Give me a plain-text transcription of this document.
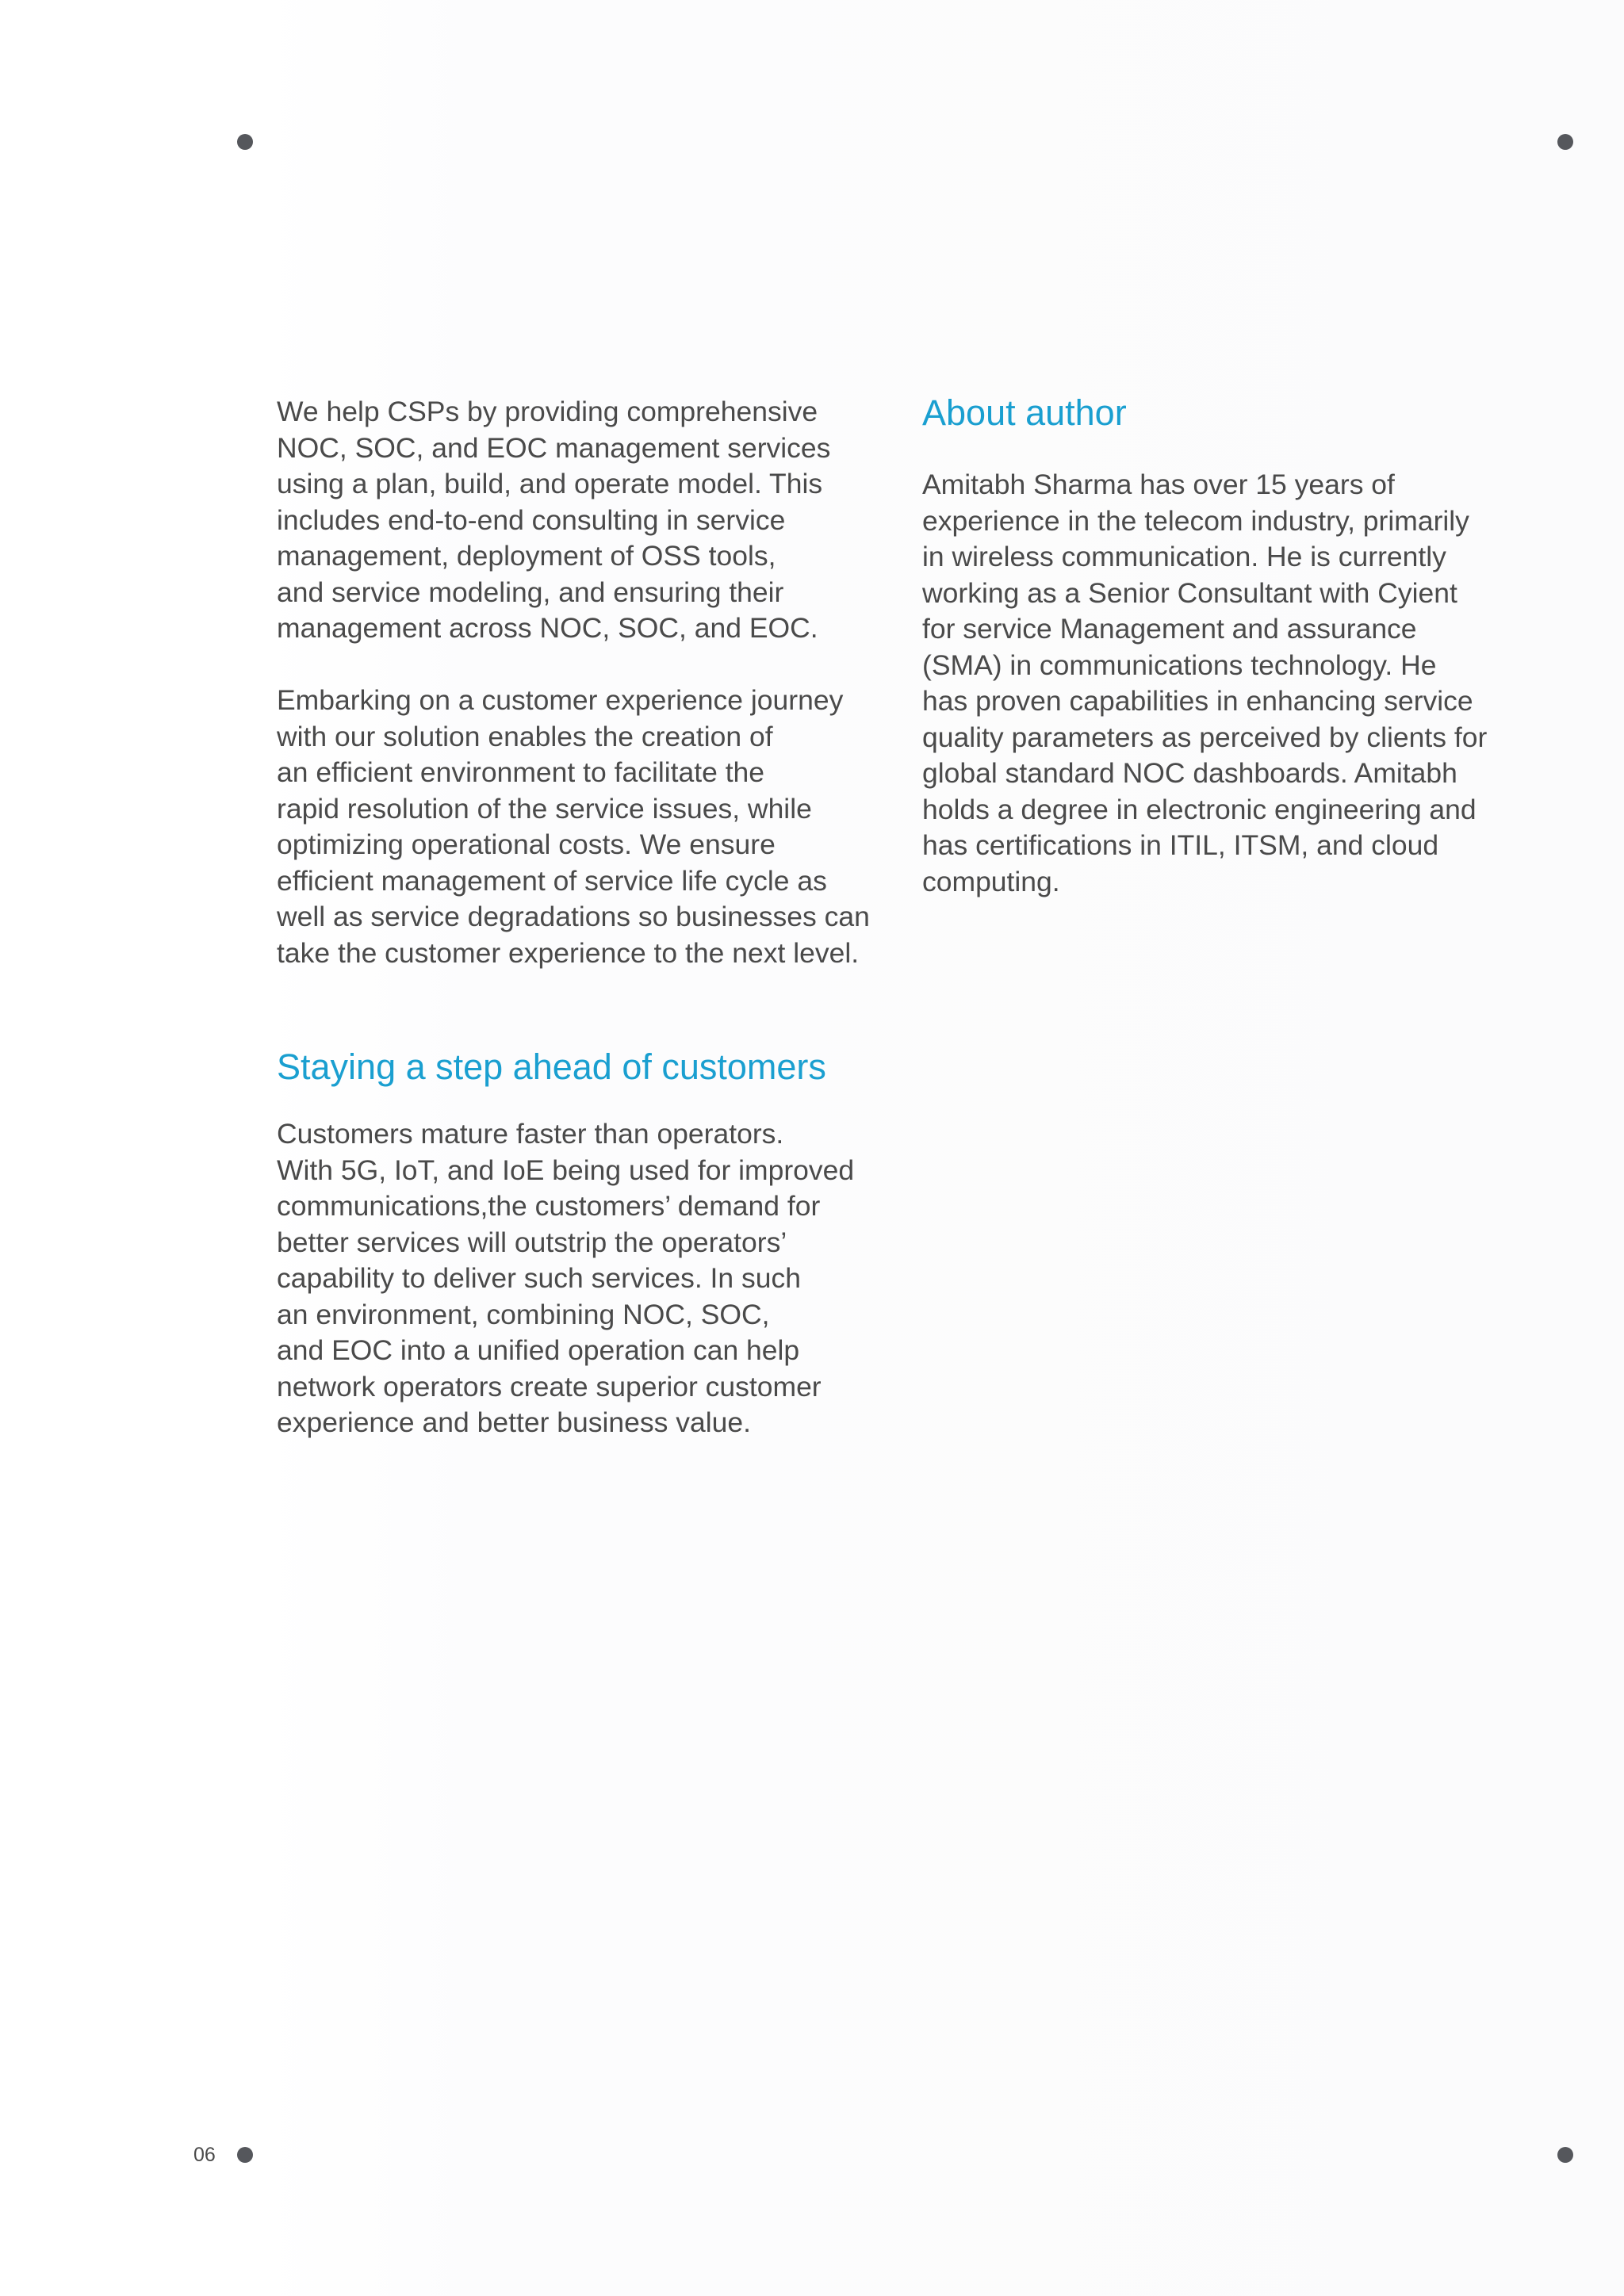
06

We help CSPs by providing comprehensive
NOC, SOC, and EOC management services
using a plan, build, and operate model. This
includes end-to-end consulting in service
management, deployment of OSS tools,
and service modeling, and ensuring their
management across NOC, SOC, and EOC.

Embarking on a customer experience journey
with our solution enables the creation of
an efficient environment to facilitate the
rapid resolution of the service issues, while
optimizing operational costs. We ensure
efficient management of service life cycle as
well as service degradations so businesses can
take the customer experience to the next level.

Staying a step ahead of customers

Customers mature faster than operators.
With 5G, IoT, and IoE being used for improved
communications,the customers’ demand for
better services will outstrip the operators’
capability to deliver such services. In such
an environment, combining NOC, SOC,
and EOC into a unified operation can help
network operators create superior customer
experience and better business value.

About author

Amitabh Sharma has over 15 years of
experience in the telecom industry, primarily
in wireless communication. He is currently
working as a Senior Consultant with Cyient
for service Management and assurance
(SMA) in communications technology. He
has proven capabilities in enhancing service
quality parameters as perceived by clients for
global standard NOC dashboards. Amitabh
holds a degree in electronic engineering and
has certifications in ITIL, ITSM, and cloud
computing.
